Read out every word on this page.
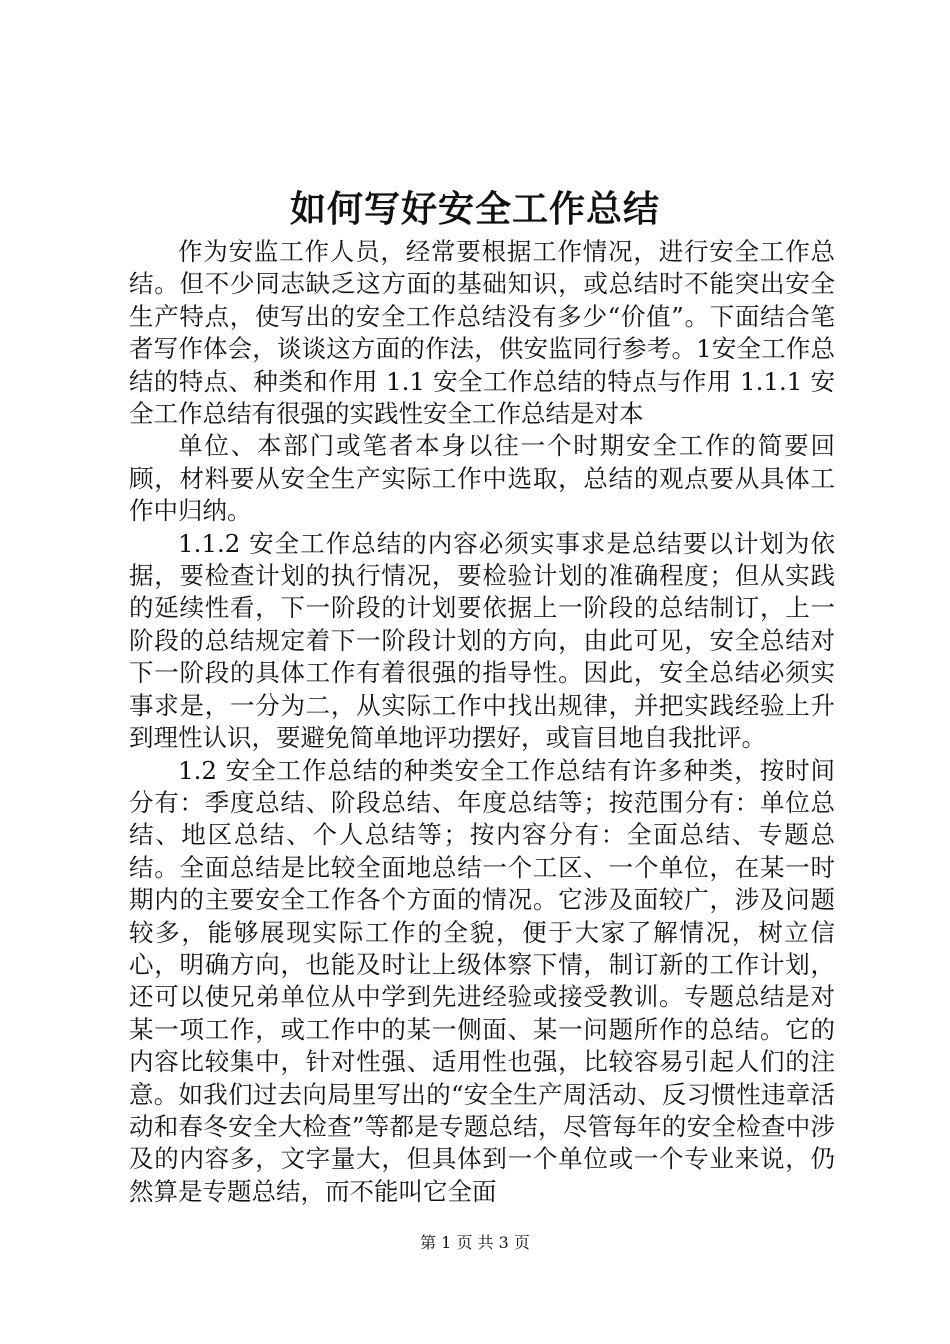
如何写好安全工作总结

作为安监工作人员，经常要根据工作情况，进行安全工作总结。但不少同志缺乏这方面的基础知识，或总结时不能突出安全生产特点，使写出的安全工作总结没有多少“价值”。下面结合笔者写作体会，谈谈这方面的作法，供安监同行参考。1安全工作总结的特点、种类和作用 1.1 安全工作总结的特点与作用 1.1.1 安全工作总结有很强的实践性安全工作总结是对本

单位、本部门或笔者本身以往一个时期安全工作的简要回顾，材料要从安全生产实际工作中选取，总结的观点要从具体工作中归纳。

1.1.2 安全工作总结的内容必须实事求是总结要以计划为依据，要检查计划的执行情况，要检验计划的准确程度；但从实践的延续性看，下一阶段的计划要依据上一阶段的总结制订，上一阶段的总结规定着下一阶段计划的方向，由此可见，安全总结对下一阶段的具体工作有着很强的指导性。因此，安全总结必须实事求是，一分为二，从实际工作中找出规律，并把实践经验上升到理性认识，要避免简单地评功摆好，或盲目地自我批评。

1.2 安全工作总结的种类安全工作总结有许多种类，按时间分有：季度总结、阶段总结、年度总结等；按范围分有：单位总结、地区总结、个人总结等；按内容分有：全面总结、专题总结。全面总结是比较全面地总结一个工区、一个单位，在某一时期内的主要安全工作各个方面的情况。它涉及面较广，涉及问题较多，能够展现实际工作的全貌，便于大家了解情况，树立信心，明确方向，也能及时让上级体察下情，制订新的工作计划，还可以使兄弟单位从中学到先进经验或接受教训。专题总结是对某一项工作，或工作中的某一侧面、某一问题所作的总结。它的内容比较集中，针对性强、适用性也强，比较容易引起人们的注意。如我们过去向局里写出的“安全生产周活动、反习惯性违章活动和春冬安全大检查”等都是专题总结，尽管每年的安全检查中涉及的内容多，文字量大，但具体到一个单位或一个专业来说，仍然算是专题总结，而不能叫它全面

第 1 页 共 3 页
